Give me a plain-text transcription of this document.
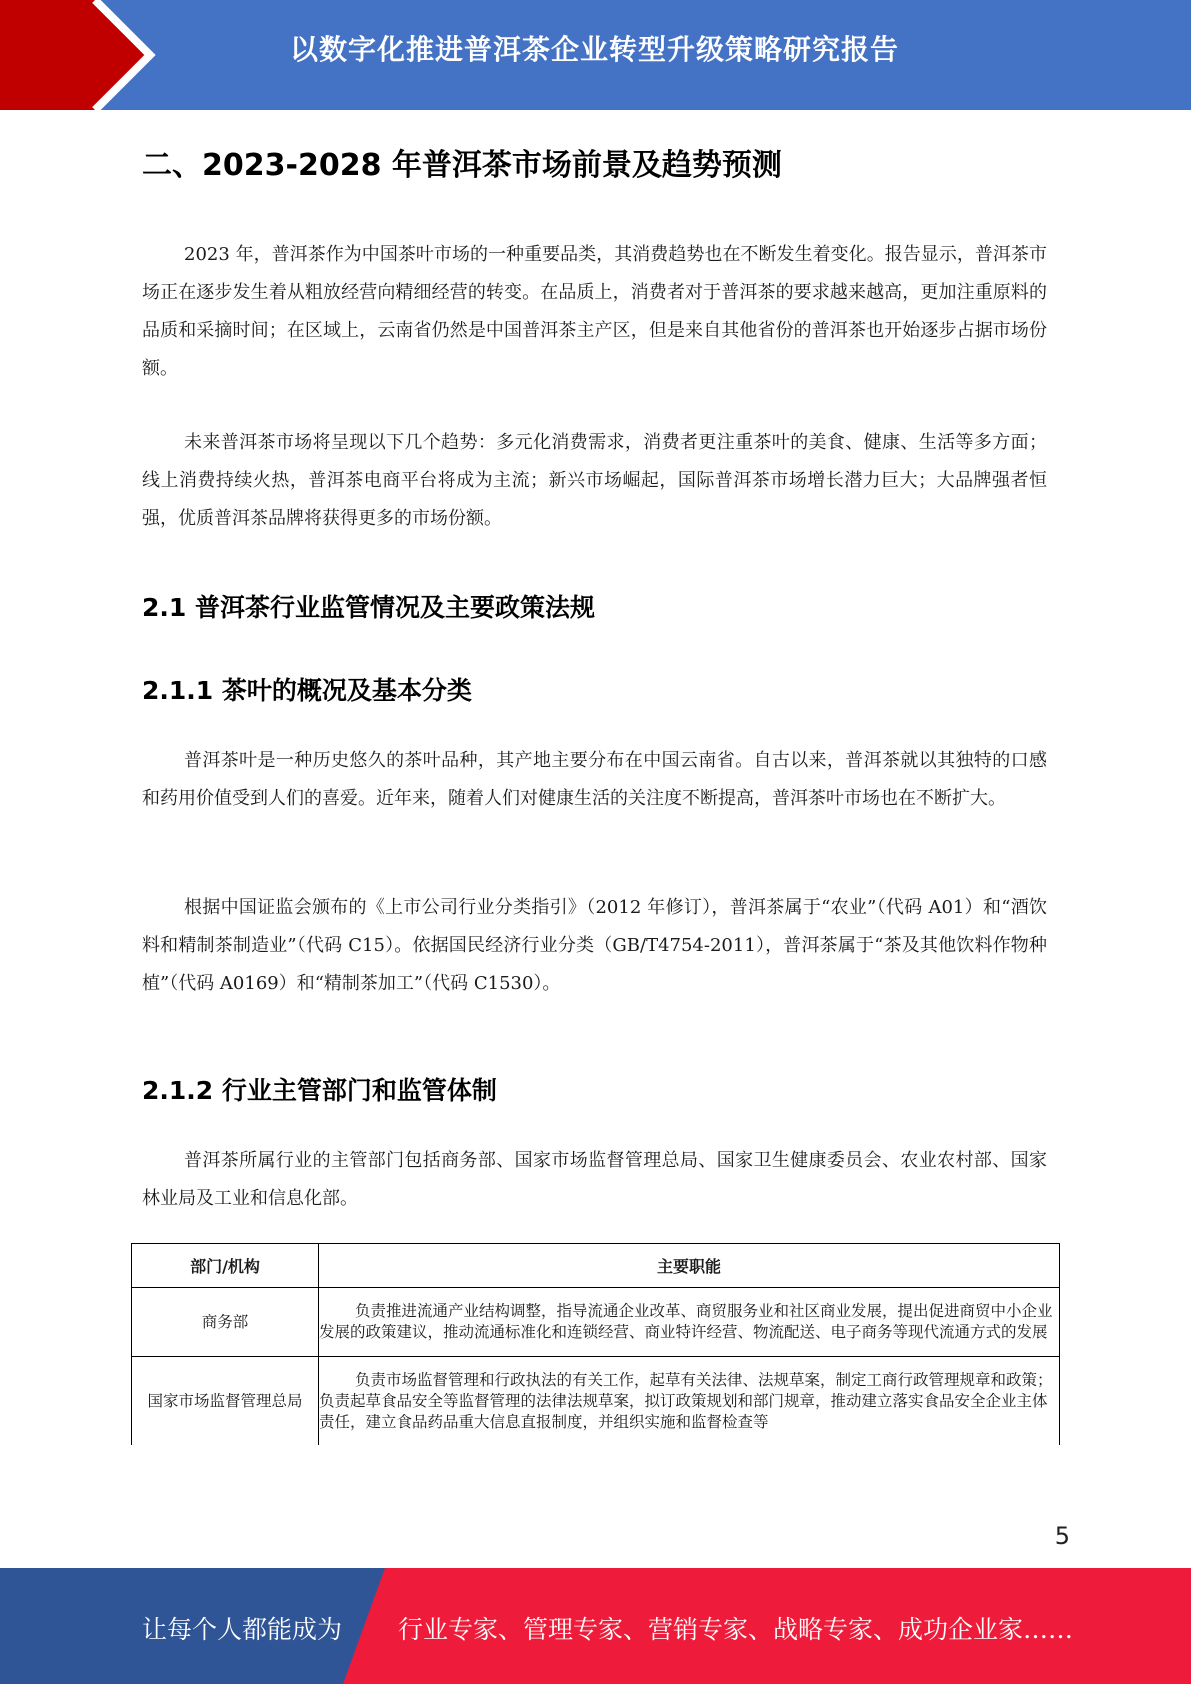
以数字化推进普洱茶企业转型升级策略研究报告
二、2023-2028 年普洱茶市场前景及趋势预测
2023 年，普洱茶作为中国茶叶市场的一种重要品类，其消费趋势也在不断发生着变化。报告显示，普洱茶市场正在逐步发生着从粗放经营向精细经营的转变。在品质上，消费者对于普洱茶的要求越来越高，更加注重原料的品质和采摘时间；在区域上，云南省仍然是中国普洱茶主产区，但是来自其他省份的普洱茶也开始逐步占据市场份额。
未来普洱茶市场将呈现以下几个趋势：多元化消费需求，消费者更注重茶叶的美食、健康、生活等多方面；线上消费持续火热，普洱茶电商平台将成为主流；新兴市场崛起，国际普洱茶市场增长潜力巨大；大品牌强者恒强，优质普洱茶品牌将获得更多的市场份额。
2.1 普洱茶行业监管情况及主要政策法规
2.1.1 茶叶的概况及基本分类
普洱茶叶是一种历史悠久的茶叶品种，其产地主要分布在中国云南省。自古以来，普洱茶就以其独特的口感和药用价值受到人们的喜爱。近年来，随着人们对健康生活的关注度不断提高，普洱茶叶市场也在不断扩大。
根据中国证监会颁布的《上市公司行业分类指引》（2012 年修订），普洱茶属于“农业”（代码 A01）和“酒饮料和精制茶制造业”（代码 C15）。依据国民经济行业分类（GB/T4754-2011），普洱茶属于“茶及其他饮料作物种植”（代码 A0169）和“精制茶加工”（代码 C1530）。
2.1.2 行业主管部门和监管体制
普洱茶所属行业的主管部门包括商务部、国家市场监督管理总局、国家卫生健康委员会、农业农村部、国家林业局及工业和信息化部。
部门/机构	主要职能
商务部	负责推进流通产业结构调整，指导流通企业改革、商贸服务业和社区商业发展，提出促进商贸中小企业发展的政策建议，推动流通标准化和连锁经营、商业特许经营、物流配送、电子商务等现代流通方式的发展
国家市场监督管理总局	负责市场监督管理和行政执法的有关工作，起草有关法律、法规草案，制定工商行政管理规章和政策；负责起草食品安全等监督管理的法律法规草案，拟订政策规划和部门规章，推动建立落实食品安全企业主体责任，建立食品药品重大信息直报制度，并组织实施和监督检查等
5
让每个人都能成为 行业专家、管理专家、营销专家、战略专家、成功企业家……
